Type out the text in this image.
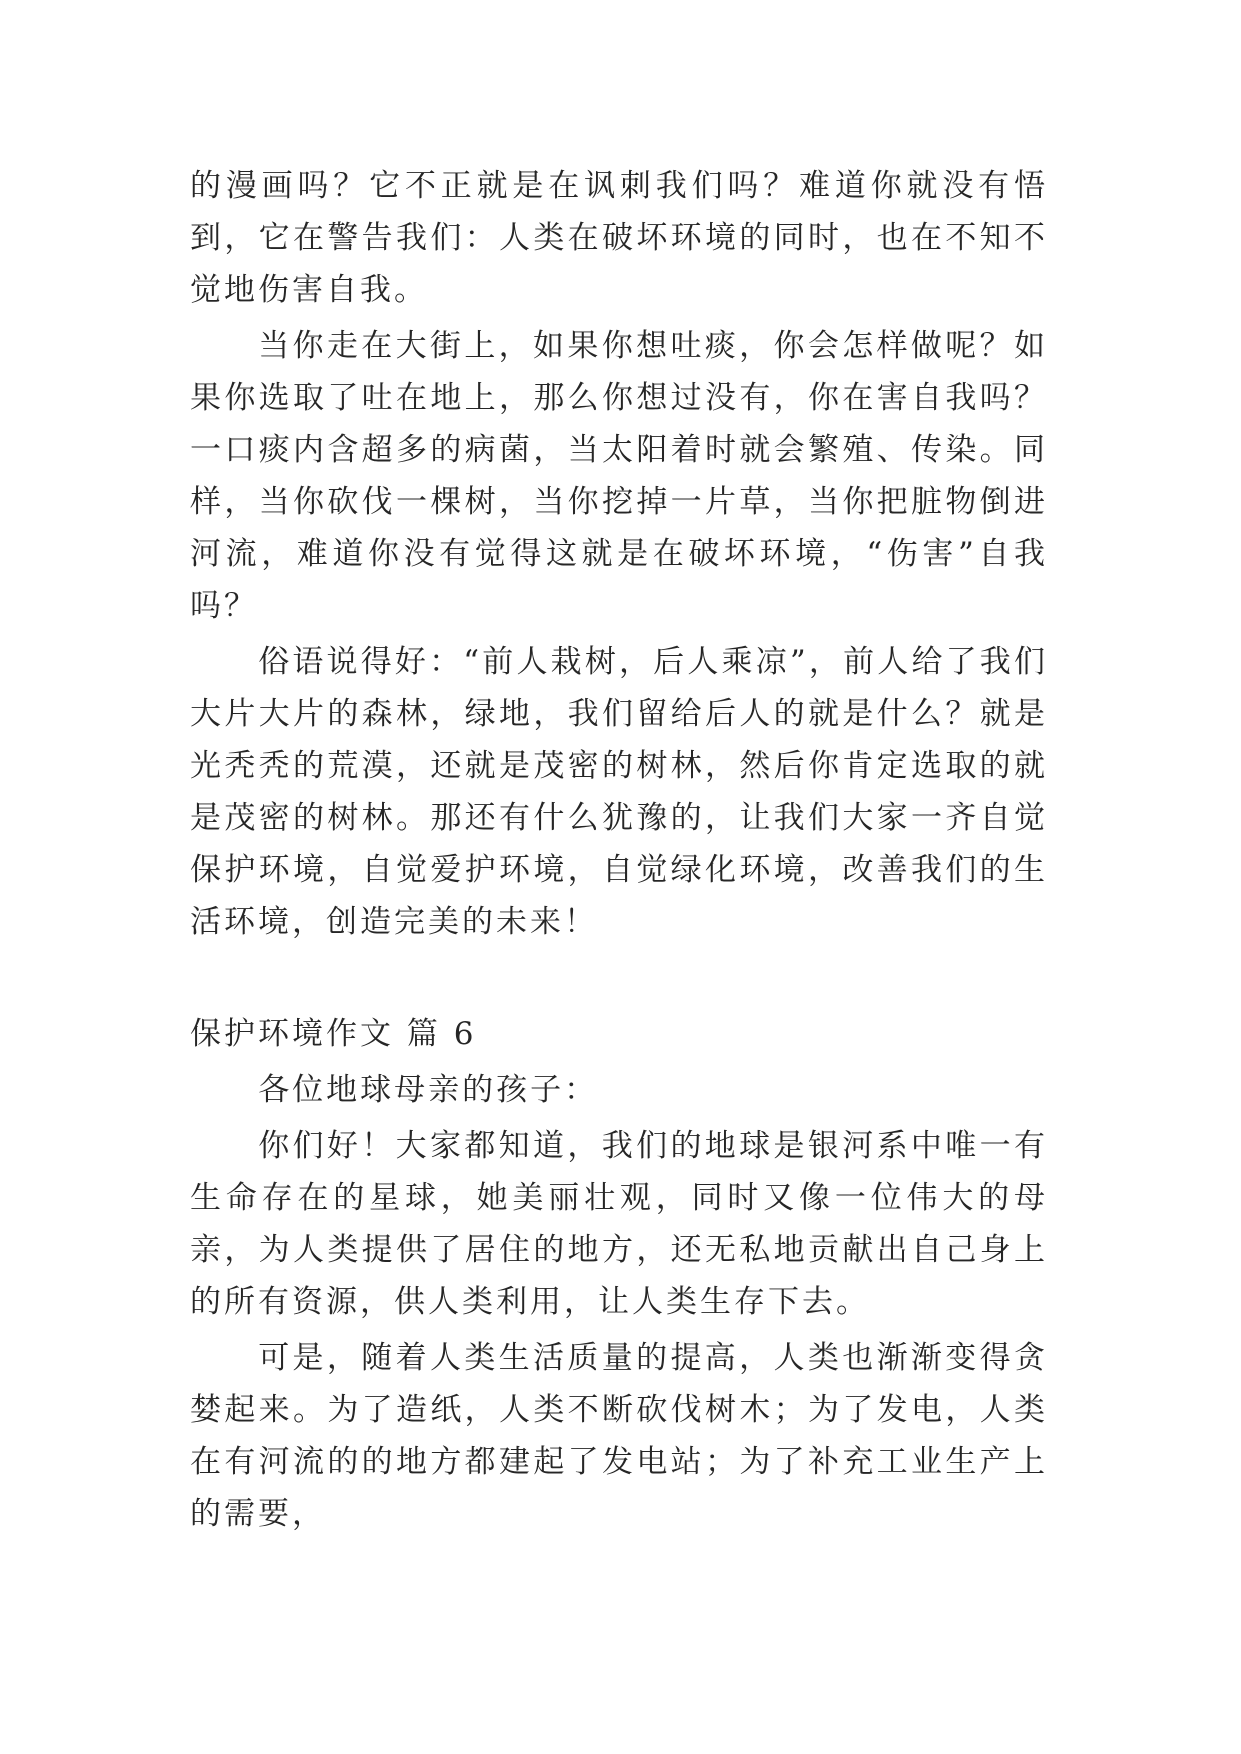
的漫画吗？它不正就是在讽刺我们吗？难道你就没有悟到，它在警告我们：人类在破坏环境的同时，也在不知不觉地伤害自我。

当你走在大街上，如果你想吐痰，你会怎样做呢？如果你选取了吐在地上，那么你想过没有，你在害自我吗？一口痰内含超多的病菌，当太阳着时就会繁殖、传染。同样，当你砍伐一棵树，当你挖掉一片草，当你把脏物倒进河流，难道你没有觉得这就是在破坏环境，“伤害”自我吗？

俗语说得好：“前人栽树，后人乘凉”，前人给了我们大片大片的森林，绿地，我们留给后人的就是什么？就是光秃秃的荒漠，还就是茂密的树林，然后你肯定选取的就是茂密的树林。那还有什么犹豫的，让我们大家一齐自觉保护环境，自觉爱护环境，自觉绿化环境，改善我们的生活环境，创造完美的未来！

保护环境作文 篇 6

各位地球母亲的孩子：

你们好！大家都知道，我们的地球是银河系中唯一有生命存在的星球，她美丽壮观，同时又像一位伟大的母亲，为人类提供了居住的地方，还无私地贡献出自己身上的所有资源，供人类利用，让人类生存下去。

可是，随着人类生活质量的提高，人类也渐渐变得贪婪起来。为了造纸，人类不断砍伐树木；为了发电，人类在有河流的的地方都建起了发电站；为了补充工业生产上的需要，
